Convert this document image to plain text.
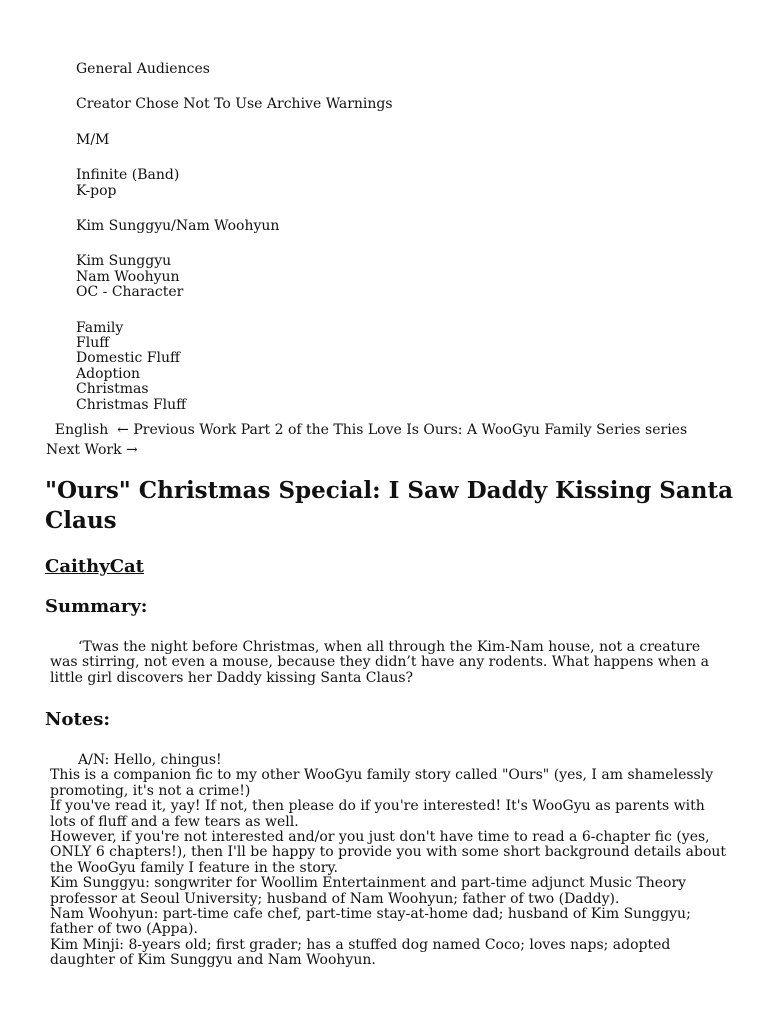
General Audiences
Creator Chose Not To Use Archive Warnings
M/M
Infinite (Band)
K-pop
Kim Sunggyu/Nam Woohyun
Kim Sunggyu
Nam Woohyun
OC - Character
Family
Fluff
Domestic Fluff
Adoption
Christmas
Christmas Fluff
English ← Previous Work Part 2 of the This Love Is Ours: A WooGyu Family Series series Next Work →
"Ours" Christmas Special: I Saw Daddy Kissing Santa Claus
CaithyCat
Summary:
‘Twas the night before Christmas, when all through the Kim-Nam house, not a creature was stirring, not even a mouse, because they didn’t have any rodents. What happens when a little girl discovers her Daddy kissing Santa Claus?
Notes:
A/N: Hello, chingus!
This is a companion fic to my other WooGyu family story called "Ours" (yes, I am shamelessly promoting, it's not a crime!)
If you've read it, yay! If not, then please do if you're interested! It's WooGyu as parents with lots of fluff and a few tears as well.
However, if you're not interested and/or you just don't have time to read a 6-chapter fic (yes, ONLY 6 chapters!), then I'll be happy to provide you with some short background details about the WooGyu family I feature in the story.
Kim Sunggyu: songwriter for Woollim Entertainment and part-time adjunct Music Theory professor at Seoul University; husband of Nam Woohyun; father of two (Daddy).
Nam Woohyun: part-time cafe chef, part-time stay-at-home dad; husband of Kim Sunggyu; father of two (Appa).
Kim Minji: 8-years old; first grader; has a stuffed dog named Coco; loves naps; adopted daughter of Kim Sunggyu and Nam Woohyun.
